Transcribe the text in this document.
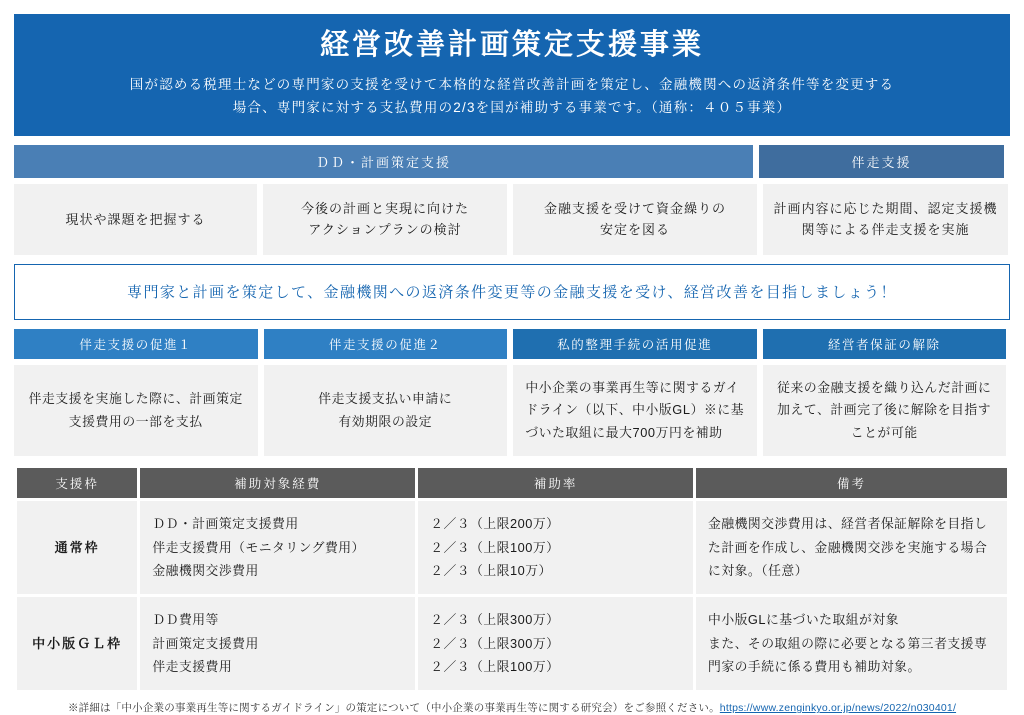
経営改善計画策定支援事業
国が認める税理士などの専門家の支援を受けて本格的な経営改善計画を策定し、金融機関への返済条件等を変更する
場合、専門家に対する支払費用の2/3を国が補助する事業です。（通称：４０５事業）
ＤＤ・計画策定支援	伴走支援
現状や課題を把握する
今後の計画と実現に向けた
アクションプランの検討
金融支援を受けて資金繰りの
安定を図る
計画内容に応じた期間、認定支援機
関等による伴走支援を実施
専門家と計画を策定して、金融機関への返済条件変更等の金融支援を受け、経営改善を目指しましょう！
伴走支援の促進１	伴走支援の促進２	私的整理手続の活用促進	経営者保証の解除
伴走支援を実施した際に、計画策定
支援費用の一部を支払
伴走支援支払い申請に
有効期限の設定
中小企業の事業再生等に関するガイ
ドライン（以下、中小版GL）※に基
づいた取組に最大700万円を補助
従来の金融支援を織り込んだ計画に
加えて、計画完了後に解除を目指す
ことが可能
支援枠	補助対象経費	補助率	備考
通常枠	
ＤＤ・計画策定支援費用
伴走支援費用（モニタリング費用）
金融機関交渉費用

２／３（上限200万）
２／３（上限100万）
２／３（上限10万）

金融機関交渉費用は、経営者保証解除を目指し
た計画を作成し、金融機関交渉を実施する場合
に対象。（任意）

中小版ＧＬ枠	
ＤＤ費用等
計画策定支援費用
伴走支援費用

２／３（上限300万）
２／３（上限300万）
２／３（上限100万）

中小版GLに基づいた取組が対象
また、その取組の際に必要となる第三者支援専
門家の手続に係る費用も補助対象。
※詳細は「中小企業の事業再生等に関するガイドライン」の策定について（中小企業の事業再生等に関する研究会）をご参照ください。https://www.zenginkyo.or.jp/news/2022/n030401/
